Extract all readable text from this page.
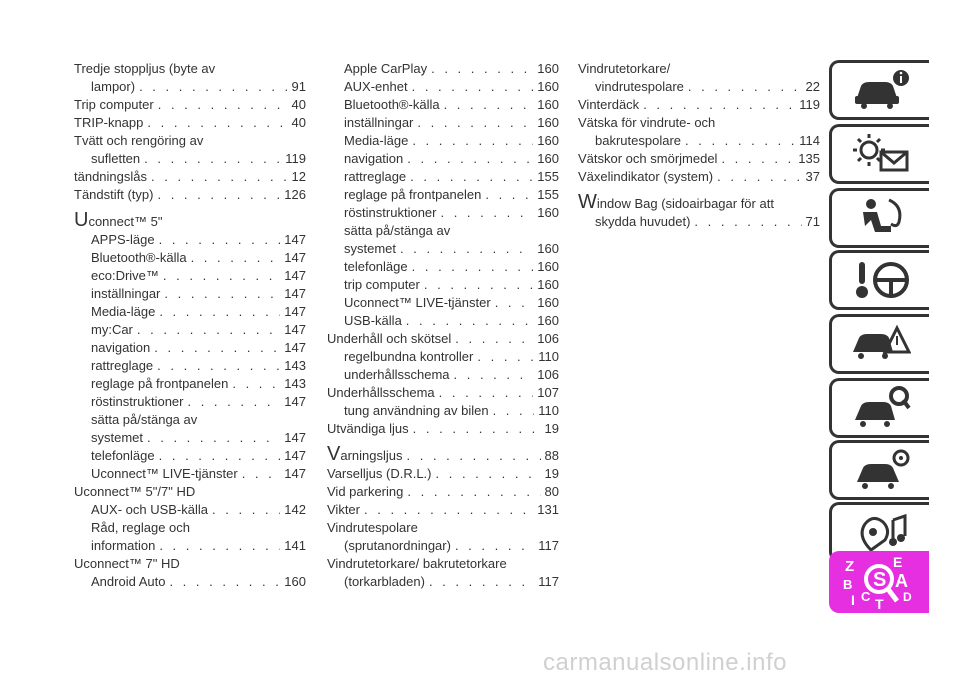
Tredje stoppljus (byte av
lampor) . . .	91
Trip computer . . .	40
TRIP-knapp . . .	40
Tvätt och rengöring av
sufletten . . .	119
tändningslås . . .	12
Tändstift (typ) . . .	126
Uconnect™ 5"
APPS-läge . . .	147
Bluetooth®-källa . . .	147
eco:Drive™ . . .	147
inställningar . . .	147
Media-läge . . .	147
my:Car . . .	147
navigation . . .	147
rattreglage . . .	143
reglage på frontpanelen . . .	143
röstinstruktioner . . .	147
sätta på/stänga av
systemet . . .	147
telefonläge . . .	147
Uconnect™ LIVE-tjänster . . .	147
Uconnect™ 5"/7" HD
AUX- och USB-källa . . .	142
Råd, reglage och
information . . .	141
Uconnect™ 7" HD
Android Auto . . .	160
Apple CarPlay . . .	160
AUX-enhet . . .	160
Bluetooth®-källa . . .	160
inställningar . . .	160
Media-läge . . .	160
navigation . . .	160
rattreglage . . .	155
reglage på frontpanelen . . .	155
röstinstruktioner . . .	160
sätta på/stänga av
systemet . . .	160
telefonläge . . .	160
trip computer . . .	160
Uconnect™ LIVE-tjänster . . .	160
USB-källa . . .	160
Underhåll och skötsel . . .	106
regelbundna kontroller . . .	110
underhållsschema . . .	106
Underhållsschema . . .	107
tung användning av bilen . . .	110
Utvändiga ljus . . .	19
Varningsljus . . .	88
Varselljus (D.R.L.) . . .	19
Vid parkering . . .	80
Vikter . . .	131
Vindrutespolare
(sprutanordningar) . . .	117
Vindrutetorkare/ bakrutetorkare
(torkarbladen) . . .	117
Vindrutetorkare/
vindrutespolare . . .	22
Vinterdäck . . .	119
Vätska för vindrute- och
bakrutespolare . . .	114
Vätskor och smörjmedel . . .	135
Växelindikator (system) . . .	37
Window Bag (sidoairbagar för att
skydda huvudet) . . .	71
S
Z	E
A
B
C	D
I T
carmanualsonline.info
